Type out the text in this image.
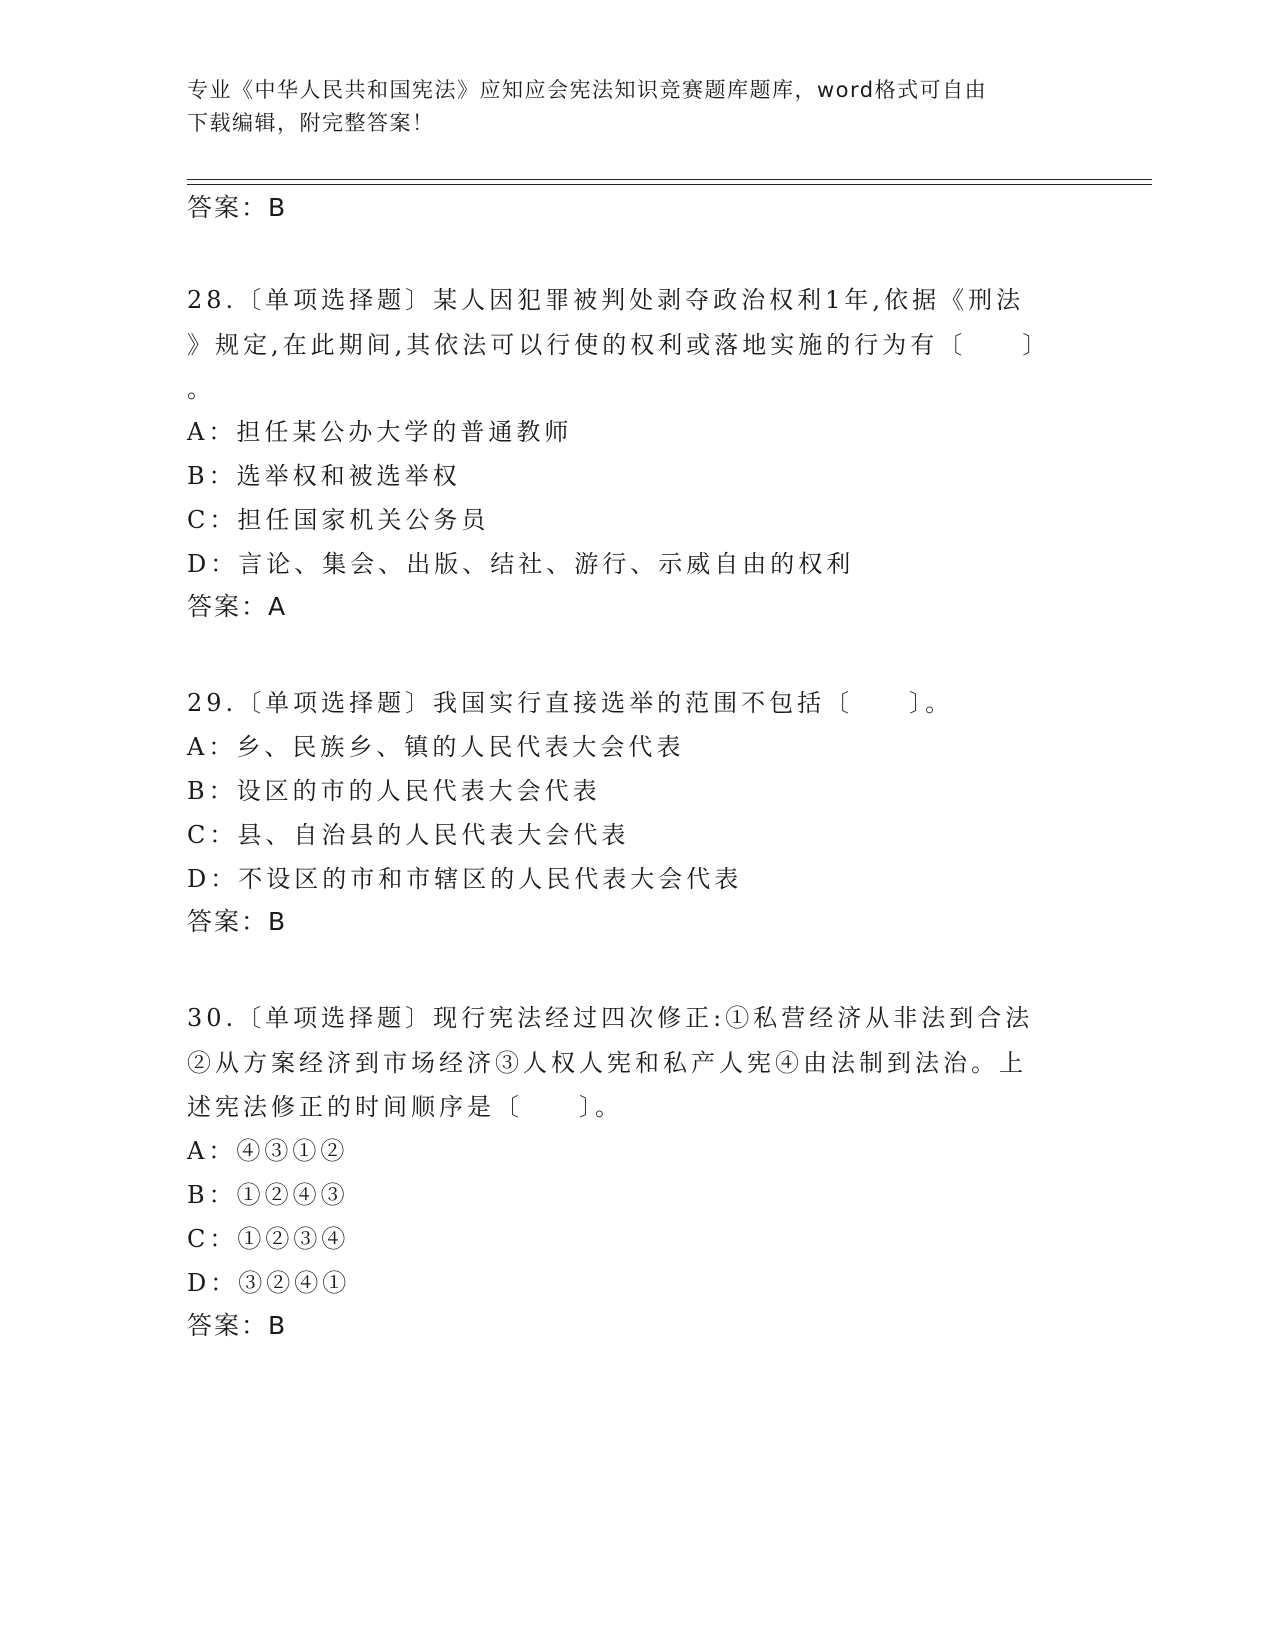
专业《中华人民共和国宪法》应知应会宪法知识竞赛题库题库，word格式可自由
下载编辑，附完整答案！
答案：B
28.〔单项选择题〕某人因犯罪被判处剥夺政治权利1年,依据《刑法
》规定,在此期间,其依法可以行使的权利或落地实施的行为有〔　　〕
。
A：担任某公办大学的普通教师
B：选举权和被选举权
C：担任国家机关公务员
D：言论、集会、出版、结社、游行、示威自由的权利
答案：A
29.〔单项选择题〕我国实行直接选举的范围不包括〔　　〕。
A：乡、民族乡、镇的人民代表大会代表
B：设区的市的人民代表大会代表
C：县、自治县的人民代表大会代表
D：不设区的市和市辖区的人民代表大会代表
答案：B
30.〔单项选择题〕现行宪法经过四次修正:①私营经济从非法到合法
②从方案经济到市场经济③人权人宪和私产人宪④由法制到法治。上
述宪法修正的时间顺序是〔　　〕。
A：④③①②
B：①②④③
C：①②③④
D：③②④①
答案：B
